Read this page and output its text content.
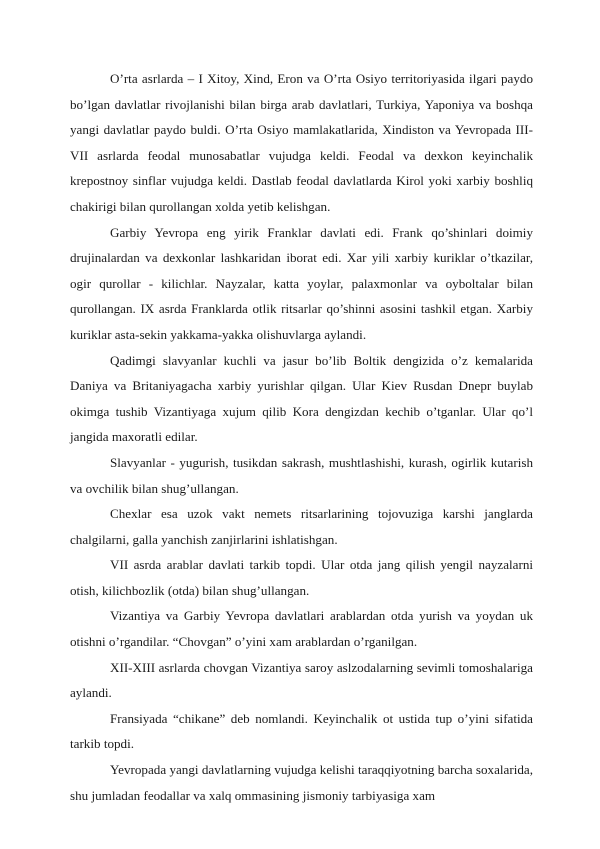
O’rta asrlarda – I Xitoy, Xind, Eron va O’rta Osiyo territoriyasida ilgari paydo bo’lgan davlatlar rivojlanishi bilan birga arab davlatlari, Turkiya, Yaponiya va boshqa yangi davlatlar paydo buldi. O’rta Osiyo mamlakatlarida, Xindiston va Yevropada III-VII asrlarda feodal munosabatlar vujudga keldi. Feodal va dexkon keyinchalik krepostnoy sinflar vujudga keldi. Dastlab feodal davlatlarda Kirol yoki xarbiy boshliq chakirigi bilan qurollangan xolda yetib kelishgan.

Garbiy Yevropa eng yirik Franklar davlati edi. Frank qo’shinlari doimiy drujinalardan va dexkonlar lashkaridan iborat edi. Xar yili xarbiy kuriklar o’tkazilar, ogir qurollar - kilichlar. Nayzalar, katta yoylar, palaxmonlar va oyboltalar bilan qurollangan. IX asrda Franklarda otlik ritsarlar qo’shinni asosini tashkil etgan. Xarbiy kuriklar asta-sekin yakkama-yakka olishuvlarga aylandi.

Qadimgi slavyanlar kuchli va jasur bo’lib Boltik dengizida o’z kemalarida Daniya va Britaniyagacha xarbiy yurishlar qilgan. Ular Kiev Rusdan Dnepr buylab okimga tushib Vizantiyaga xujum qilib Kora dengizdan kechib o’tganlar. Ular qo’l jangida maxoratli edilar.

Slavyanlar - yugurish, tusikdan sakrash, mushtlashishi, kurash, ogirlik kutarish va ovchilik bilan shug’ullangan.

Chexlar esa uzok vakt nemets ritsarlarining tojovuziga karshi janglarda chalgilarni, galla yanchish zanjirlarini ishlatishgan.

VII asrda arablar davlati tarkib topdi. Ular otda jang qilish yengil nayzalarni otish, kilichbozlik (otda) bilan shug’ullangan.

Vizantiya va Garbiy Yevropa davlatlari arablardan otda yurish va yoydan uk otishni o’rgandilar. “Chovgan” o’yini xam arablardan o’rganilgan.

XII-XIII asrlarda chovgan Vizantiya saroy aslzodalarning sevimli tomoshalariga aylandi.

Fransiyada “chikane” deb nomlandi. Keyinchalik ot ustida tup o’yini sifatida tarkib topdi.

Yevropada yangi davlatlarning vujudga kelishi taraqqiyotning barcha soxalarida, shu jumladan feodallar va xalq ommasining jismoniy tarbiyasiga xam
